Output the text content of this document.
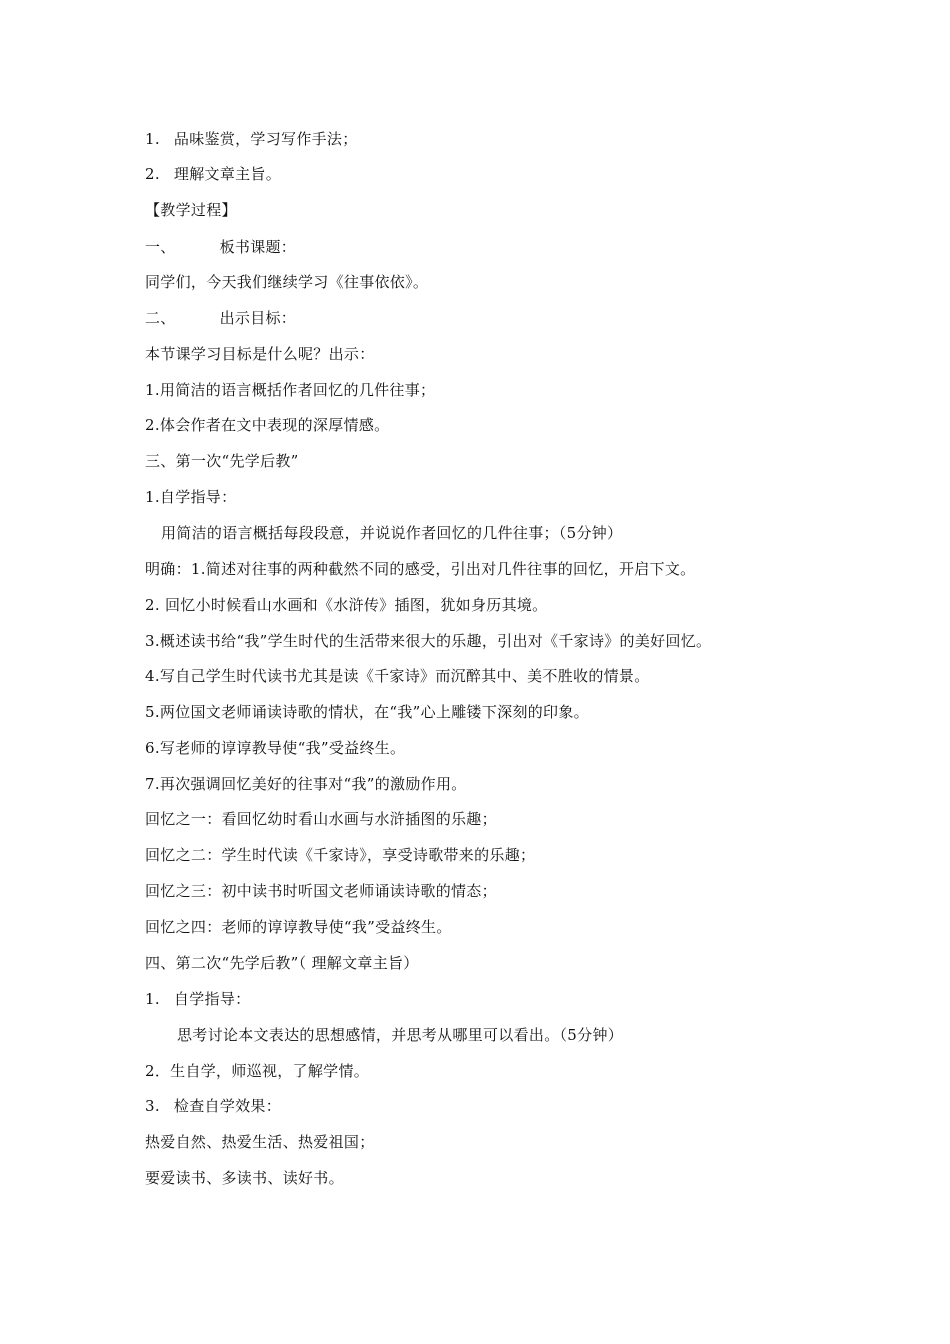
1. 品味鉴赏，学习写作手法；
2. 理解文章主旨。
【教学过程】
一、	板书课题：
同学们，今天我们继续学习《往事依依》。
二、	出示目标：
本节课学习目标是什么呢？出示：
1.用简洁的语言概括作者回忆的几件往事；
2.体会作者在文中表现的深厚情感。
三、第一次“先学后教”
1.自学指导：
用简洁的语言概括每段段意，并说说作者回忆的几件往事；（5分钟）
明确：1.简述对往事的两种截然不同的感受，引出对几件往事的回忆，开启下文。
2. 回忆小时候看山水画和《水浒传》插图，犹如身历其境。
3.概述读书给“我”学生时代的生活带来很大的乐趣，引出对《千家诗》的美好回忆。
4.写自己学生时代读书尤其是读《千家诗》而沉醉其中、美不胜收的情景。
5.两位国文老师诵读诗歌的情状，在“我”心上雕镂下深刻的印象。
6.写老师的谆谆教导使“我”受益终生。
7.再次强调回忆美好的往事对“我”的激励作用。
回忆之一：看回忆幼时看山水画与水浒插图的乐趣；
回忆之二：学生时代读《千家诗》，享受诗歌带来的乐趣；
回忆之三：初中读书时听国文老师诵读诗歌的情态；
回忆之四：老师的谆谆教导使“我”受益终生。
四、第二次“先学后教”（ 理解文章主旨）
1. 自学指导：
思考讨论本文表达的思想感情，并思考从哪里可以看出。（5分钟）
2．生自学，师巡视，了解学情。
3. 检查自学效果：
热爱自然、热爱生活、热爱祖国；
要爱读书、多读书、读好书。
